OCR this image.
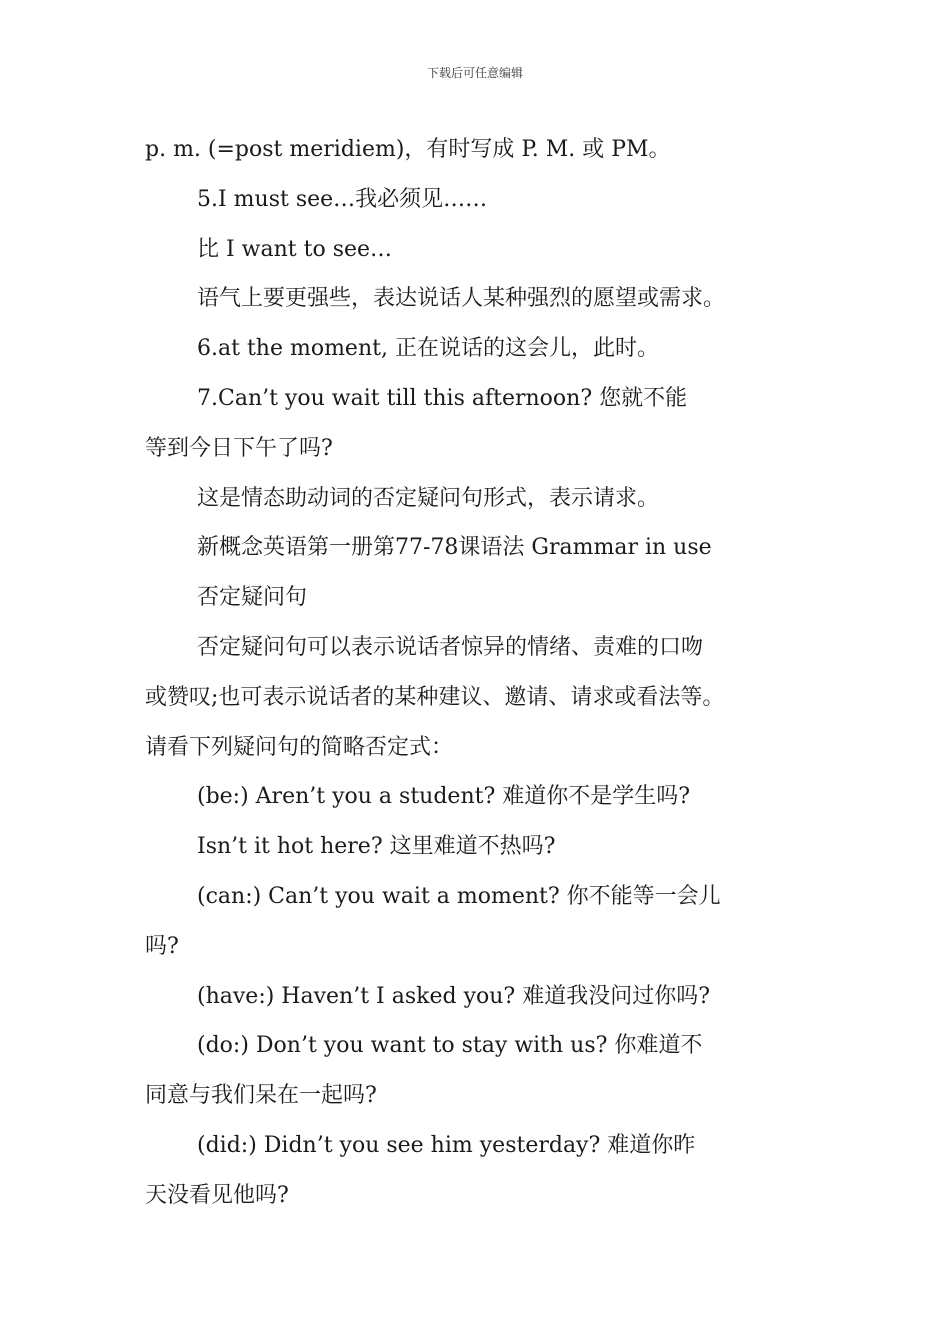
下载后可任意编辑
p. m. (=post meridiem)，有时写成 P. M. 或 PM。
5.I must see…我必须见……
比 I want to see…
语气上要更强些，表达说话人某种强烈的愿望或需求。
6.at the moment, 正在说话的这会儿，此时。
7.Can’t you wait till this afternoon? 您就不能
等到今日下午了吗?
这是情态助动词的否定疑问句形式，表示请求。
新概念英语第一册第77-78课语法 Grammar in use
否定疑问句
否定疑问句可以表示说话者惊异的情绪、责难的口吻
或赞叹;也可表示说话者的某种建议、邀请、请求或看法等。
请看下列疑问句的简略否定式：
(be:) Aren’t you a student? 难道你不是学生吗?
Isn’t it hot here? 这里难道不热吗?
(can:) Can’t you wait a moment? 你不能等一会儿
吗?
(have:) Haven’t I asked you? 难道我没问过你吗?
(do:) Don’t you want to stay with us? 你难道不
同意与我们呆在一起吗?
(did:) Didn’t you see him yesterday? 难道你昨
天没看见他吗?
